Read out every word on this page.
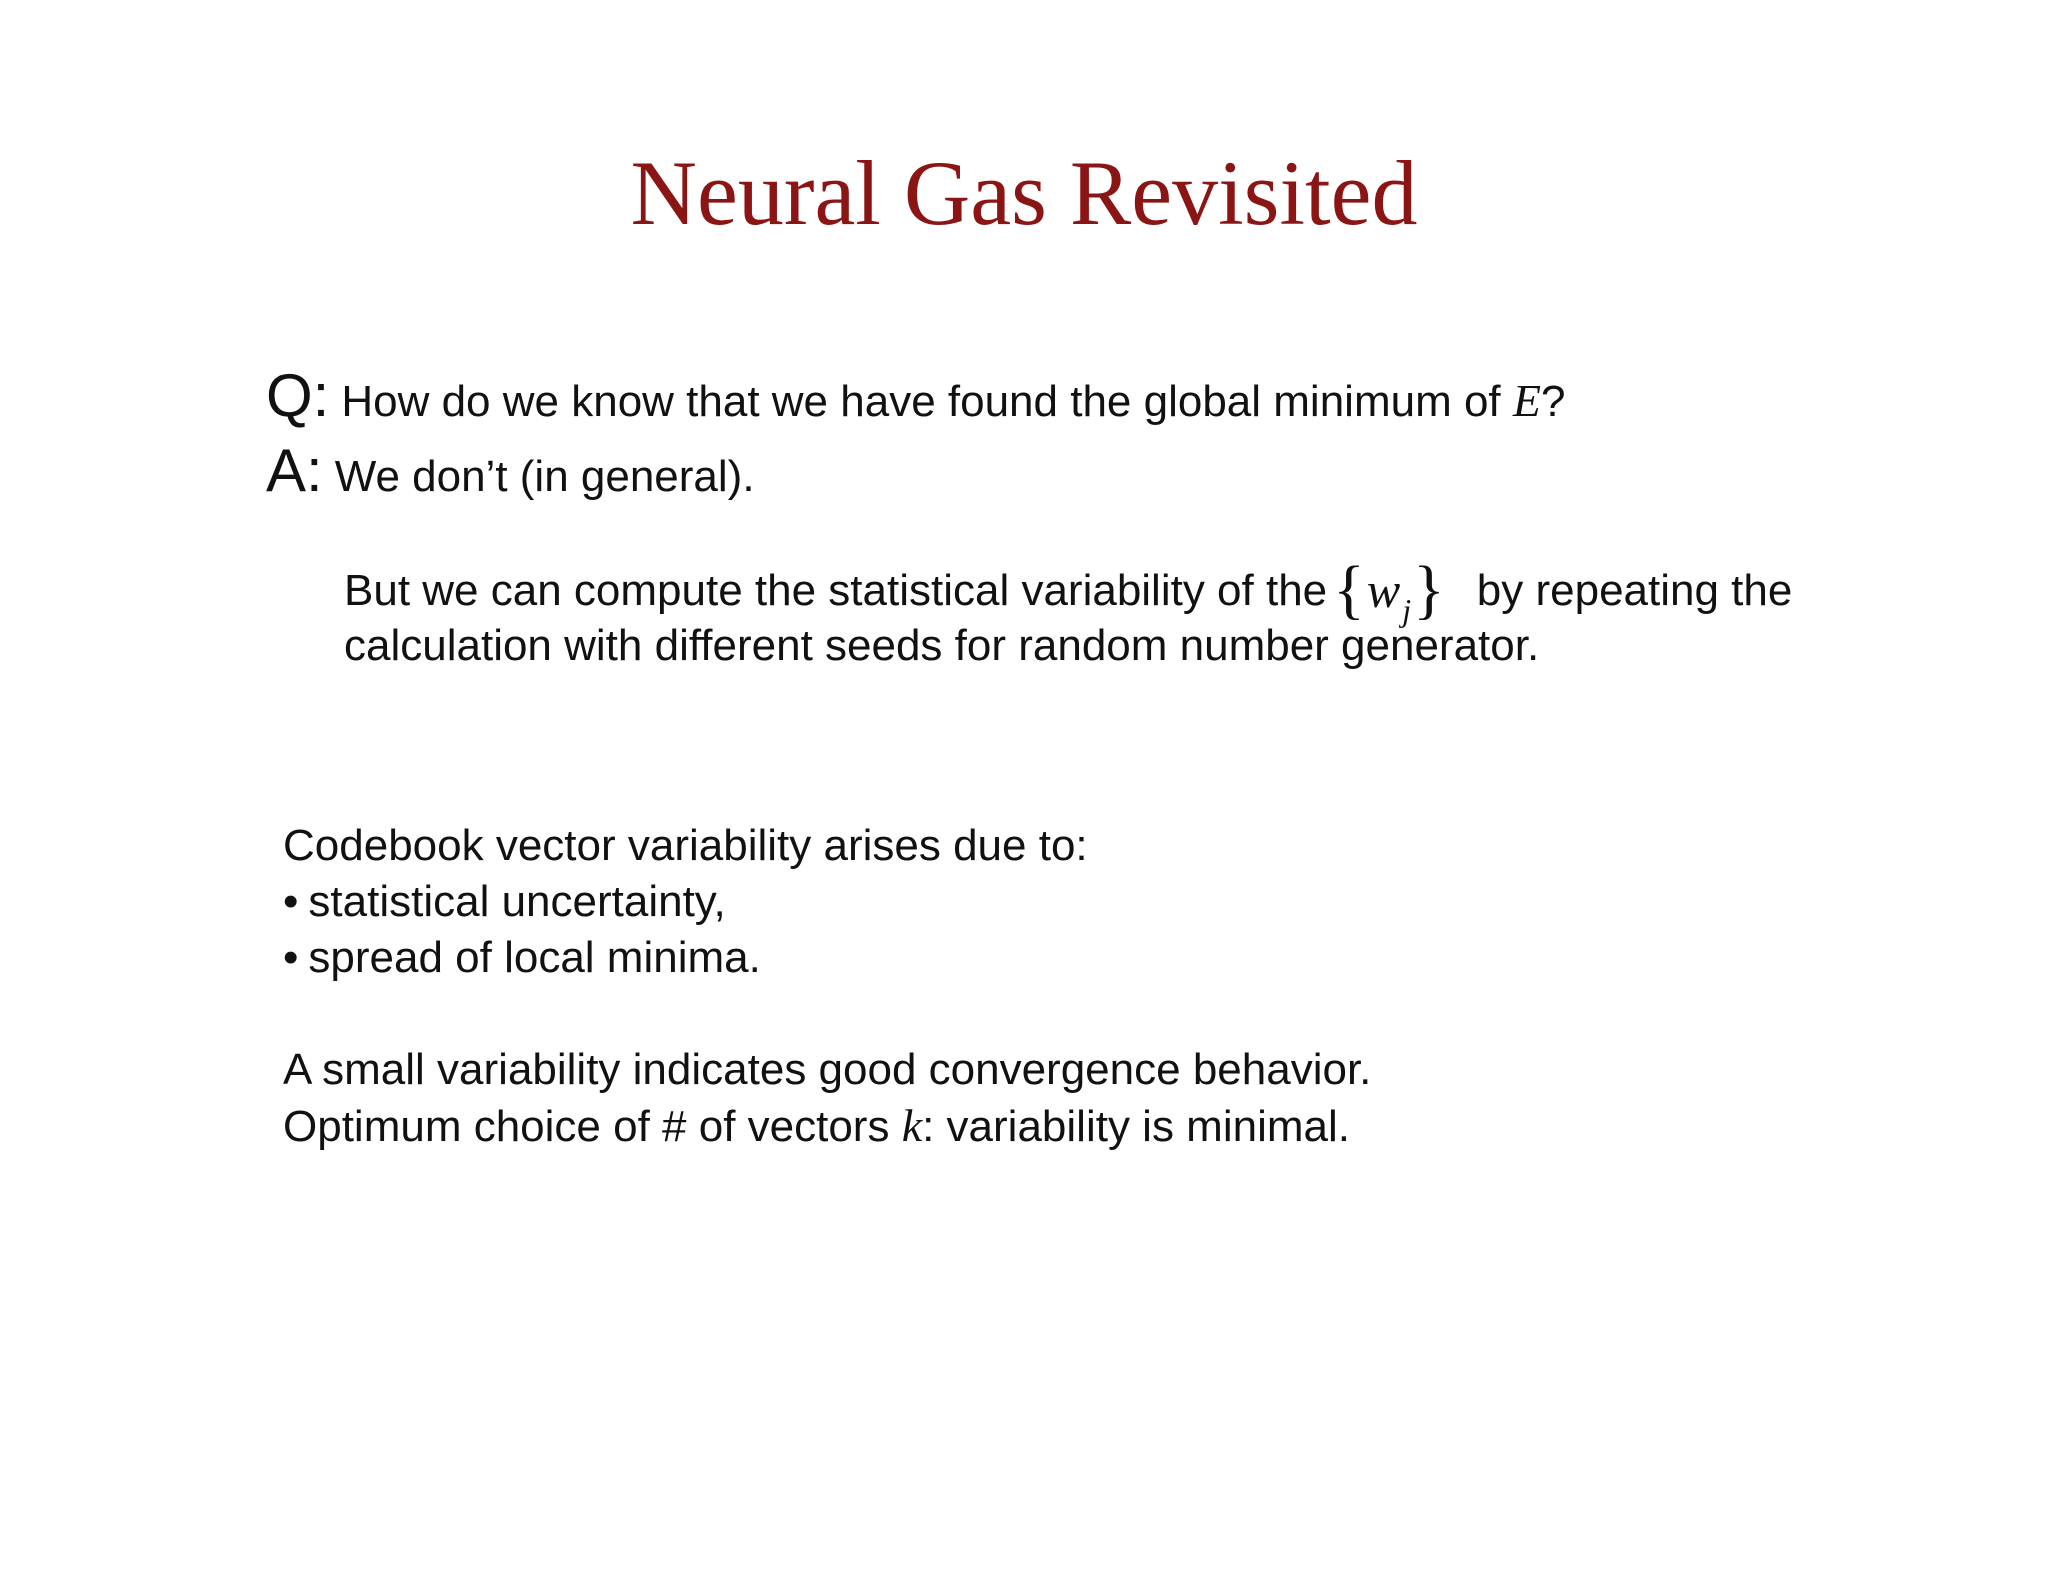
Neural Gas Revisited
Q: How do we know that we have found the global minimum of E?
A: We don’t (in general).
But we can compute the statistical variability of $the\{w_j\}$ by repeating the
calculation with different seeds for random number generator.
Codebook vector variability arises due to:
• statistical uncertainty,
• spread of local minima.
A small variability indicates good convergence behavior.
Optimum choice of # of vectors k: variability is minimal.
